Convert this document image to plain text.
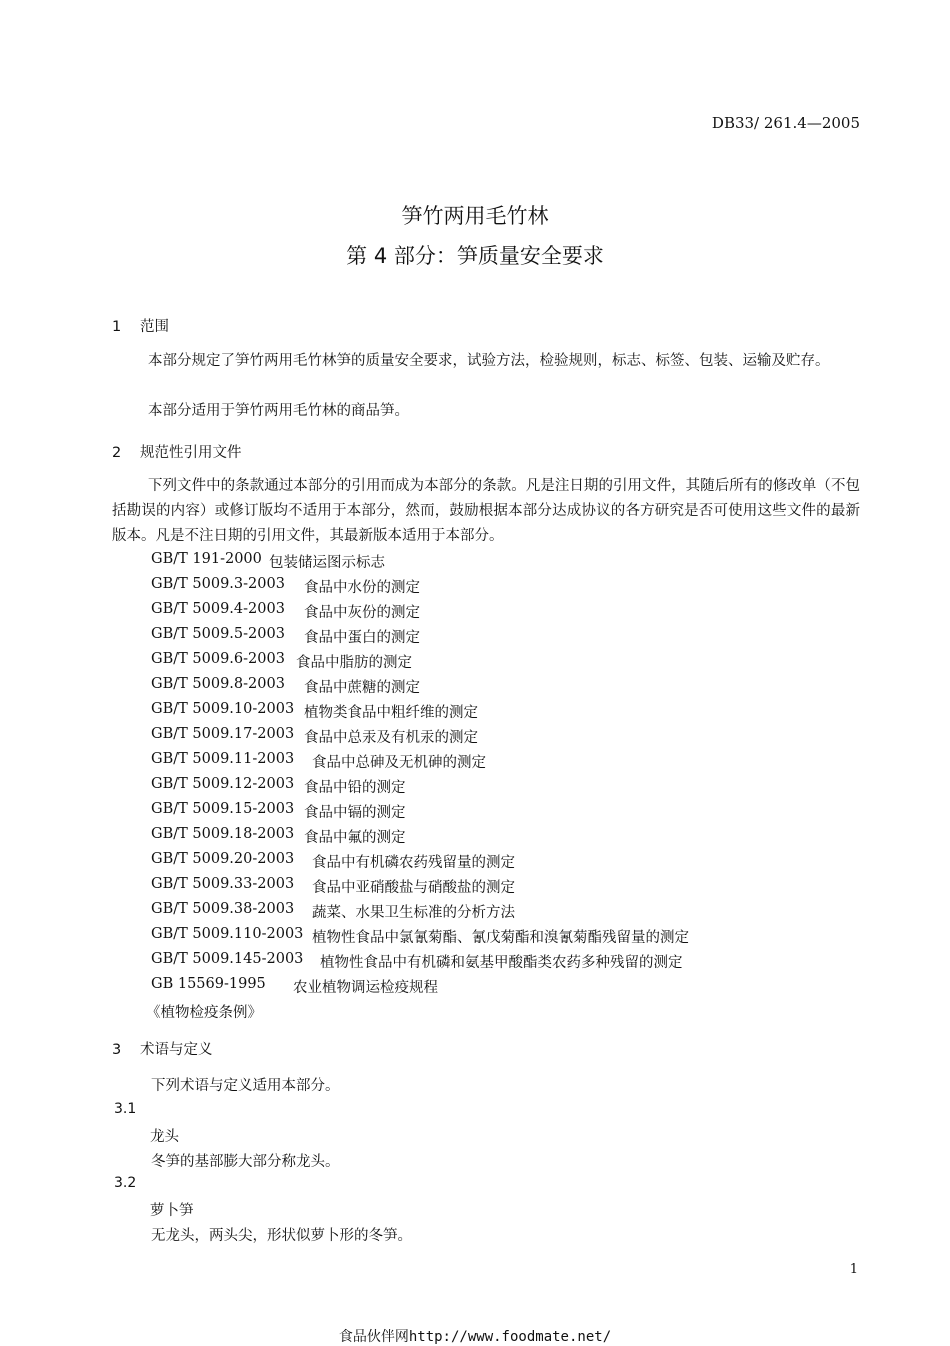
DB33/ 261.4—2005
笋竹两用毛竹林
第 4 部分：笋质量安全要求
1 范围
本部分规定了笋竹两用毛竹林笋的质量安全要求，试验方法，检验规则，标志、标签、包装、运输及贮存。
本部分适用于笋竹两用毛竹林的商品笋。
2 规范性引用文件
下列文件中的条款通过本部分的引用而成为本部分的条款。凡是注日期的引用文件，其随后所有的修改单（不包括勘误的内容）或修订版均不适用于本部分，然而，鼓励根据本部分达成协议的各方研究是否可使用这些文件的最新版本。凡是不注日期的引用文件，其最新版本适用于本部分。
GB/T 191-2000 包装储运图示标志
GB/T 5009.3-2003 食品中水份的测定
GB/T 5009.4-2003 食品中灰份的测定
GB/T 5009.5-2003 食品中蛋白的测定
GB/T 5009.6-2003 食品中脂肪的测定
GB/T 5009.8-2003 食品中蔗糖的测定
GB/T 5009.10-2003 植物类食品中粗纤维的测定
GB/T 5009.17-2003 食品中总汞及有机汞的测定
GB/T 5009.11-2003 食品中总砷及无机砷的测定
GB/T 5009.12-2003 食品中铅的测定
GB/T 5009.15-2003 食品中镉的测定
GB/T 5009.18-2003 食品中氟的测定
GB/T 5009.20-2003 食品中有机磷农药残留量的测定
GB/T 5009.33-2003 食品中亚硝酸盐与硝酸盐的测定
GB/T 5009.38-2003 蔬菜、水果卫生标准的分析方法
GB/T 5009.110-2003 植物性食品中氯氰菊酯、氰戊菊酯和溴氰菊酯残留量的测定
GB/T 5009.145-2003 植物性食品中有机磷和氨基甲酸酯类农药多种残留的测定
GB 15569-1995 农业植物调运检疫规程
《植物检疫条例》
3 术语与定义
下列术语与定义适用本部分。
3.1
龙头
冬笋的基部膨大部分称龙头。
3.2
萝卜笋
无龙头，两头尖，形状似萝卜形的冬笋。
1
食品伙伴网http://www.foodmate.net/
